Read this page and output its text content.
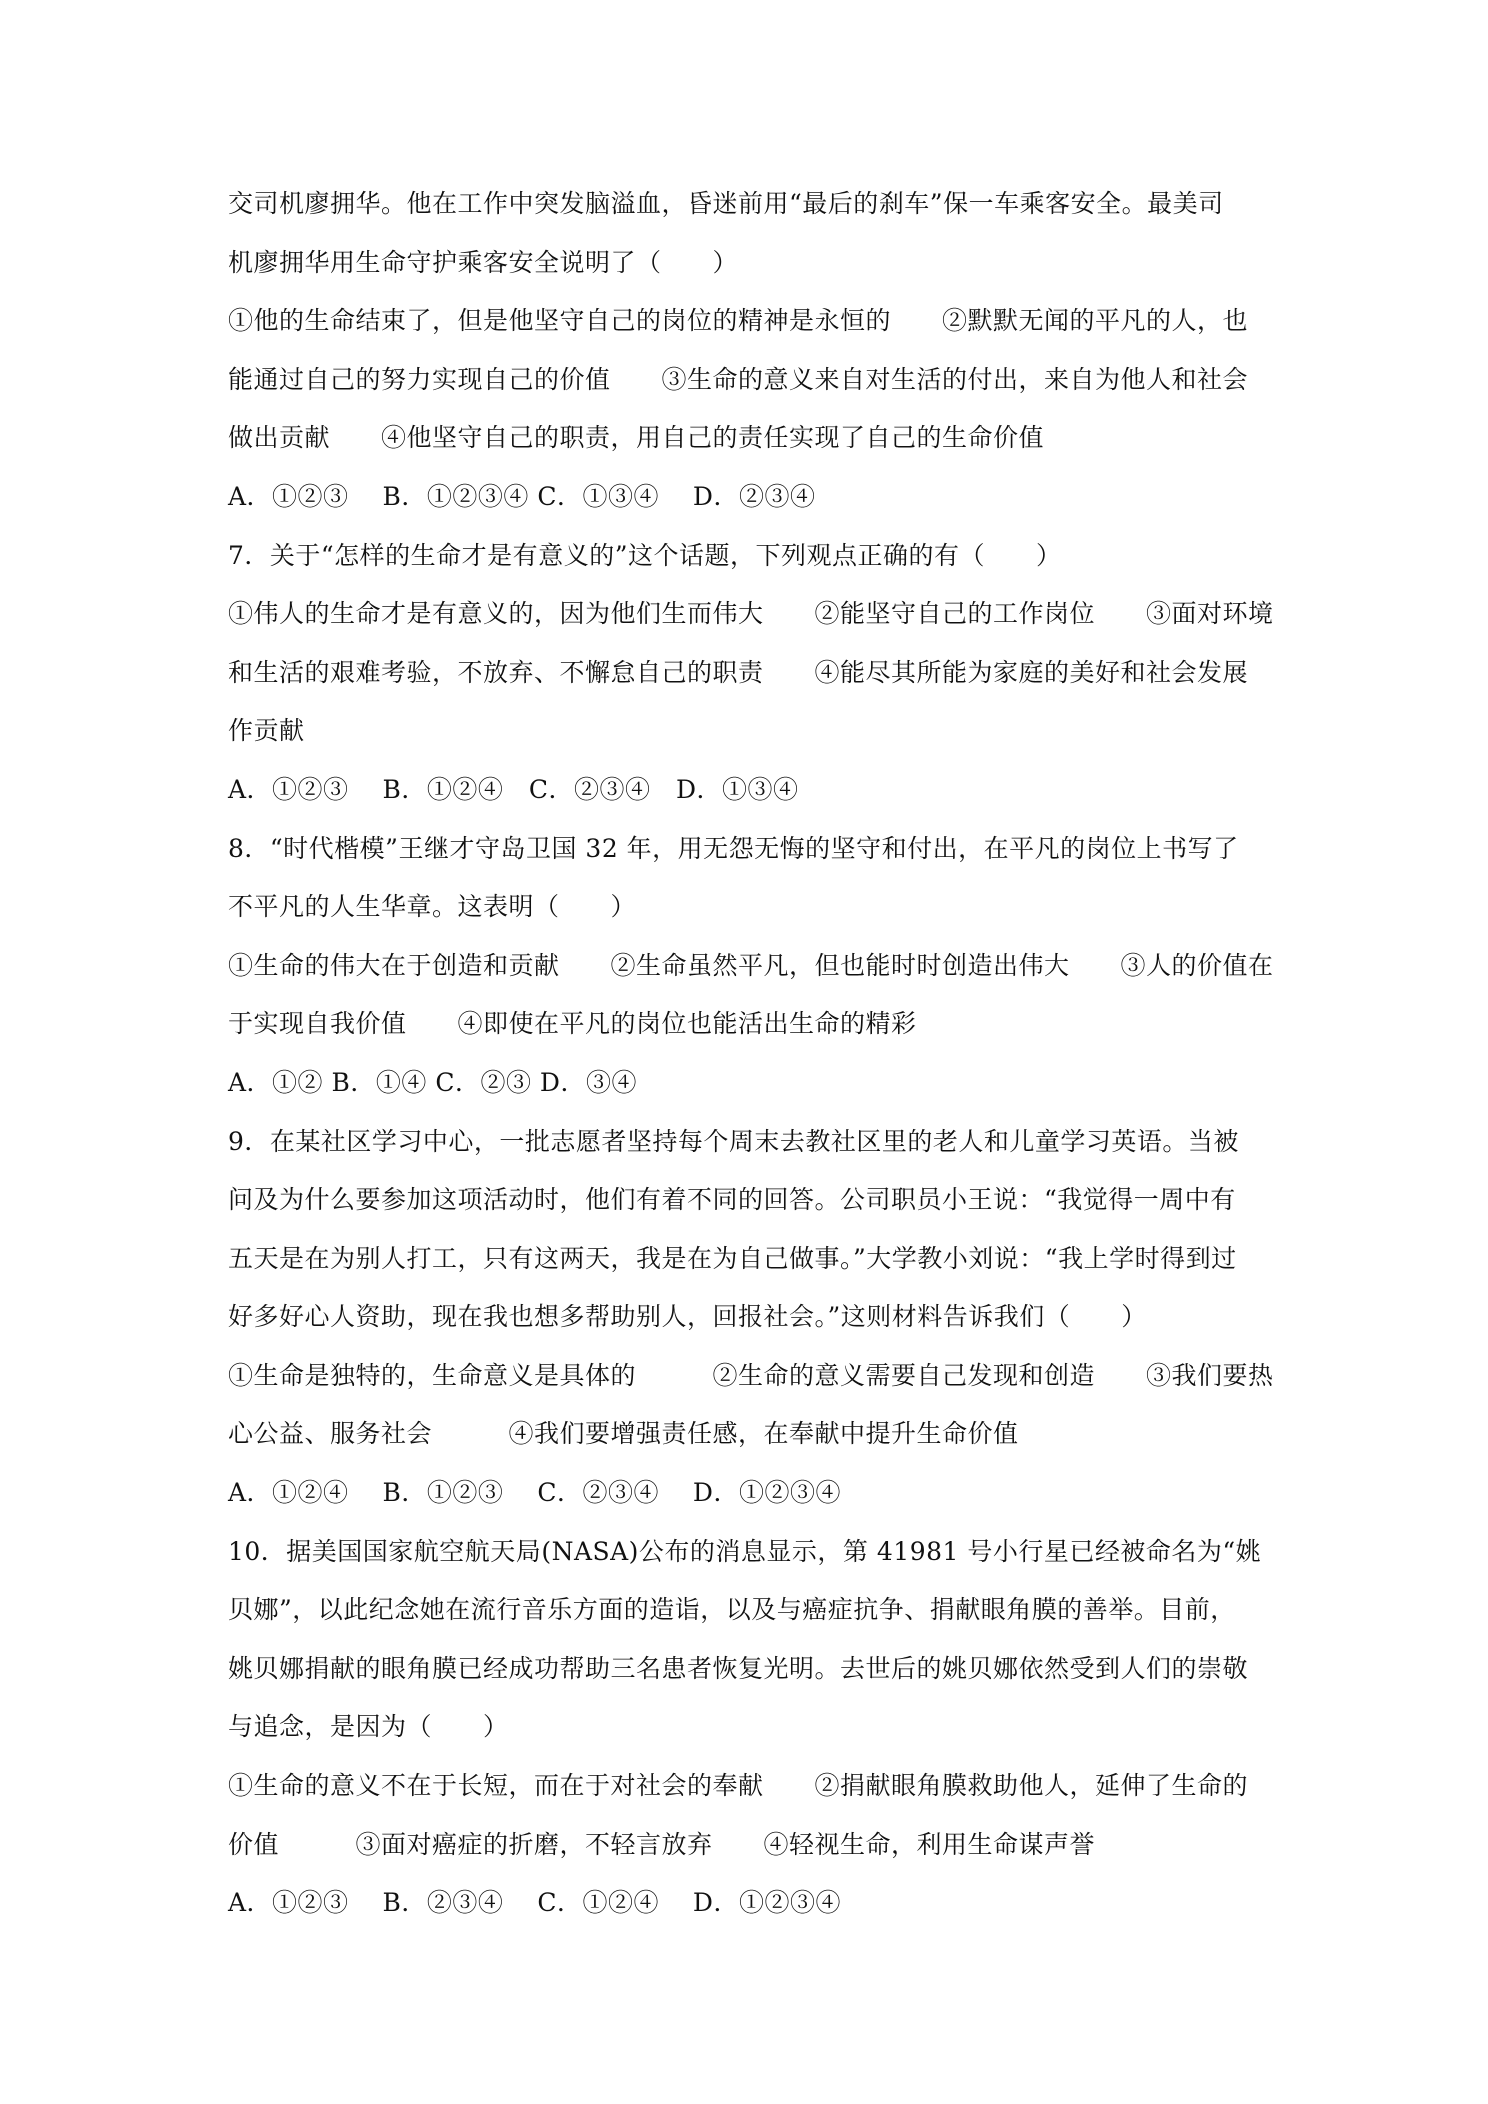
交司机廖拥华。他在工作中突发脑溢血，昏迷前用“最后的刹车”保一车乘客安全。最美司
机廖拥华用生命守护乘客安全说明了（　　）
①他的生命结束了，但是他坚守自己的岗位的精神是永恒的　　②默默无闻的平凡的人，也
能通过自己的努力实现自己的价值　　③生命的意义来自对生活的付出，来自为他人和社会
做出贡献　　④他坚守自己的职责，用自己的责任实现了自己的生命价值
A．①②③　 B．①②③④ C．①③④　 D．②③④
7．关于“怎样的生命才是有意义的”这个话题，下列观点正确的有（　　）
①伟人的生命才是有意义的，因为他们生而伟大　　②能坚守自己的工作岗位　　③面对环境
和生活的艰难考验，不放弃、不懈怠自己的职责　　④能尽其所能为家庭的美好和社会发展
作贡献
A．①②③　 B．①②④　C．②③④　D．①③④
8．“时代楷模”王继才守岛卫国 32 年，用无怨无悔的坚守和付出，在平凡的岗位上书写了
不平凡的人生华章。这表明（　　）
①生命的伟大在于创造和贡献　　②生命虽然平凡，但也能时时创造出伟大　　③人的价值在
于实现自我价值　　④即使在平凡的岗位也能活出生命的精彩
A．①② B．①④ C．②③ D．③④
9．在某社区学习中心，一批志愿者坚持每个周末去教社区里的老人和儿童学习英语。当被
问及为什么要参加这项活动时，他们有着不同的回答。公司职员小王说：“我觉得一周中有
五天是在为别人打工，只有这两天，我是在为自己做事。”大学教小刘说：“我上学时得到过
好多好心人资助，现在我也想多帮助别人，回报社会。”这则材料告诉我们（　　）
①生命是独特的，生命意义是具体的　　　②生命的意义需要自己发现和创造　　③我们要热
心公益、服务社会　　　④我们要增强责任感，在奉献中提升生命价值
A．①②④　 B．①②③　 C．②③④　 D．①②③④
10．据美国国家航空航天局(NASA)公布的消息显示，第 41981 号小行星已经被命名为“姚
贝娜”，以此纪念她在流行音乐方面的造诣，以及与癌症抗争、捐献眼角膜的善举。目前，
姚贝娜捐献的眼角膜已经成功帮助三名患者恢复光明。去世后的姚贝娜依然受到人们的崇敬
与追念，是因为（　　）
①生命的意义不在于长短，而在于对社会的奉献　　②捐献眼角膜救助他人，延伸了生命的
价值　　　③面对癌症的折磨，不轻言放弃　　④轻视生命，利用生命谋声誉
A．①②③　 B．②③④　 C．①②④　 D．①②③④
